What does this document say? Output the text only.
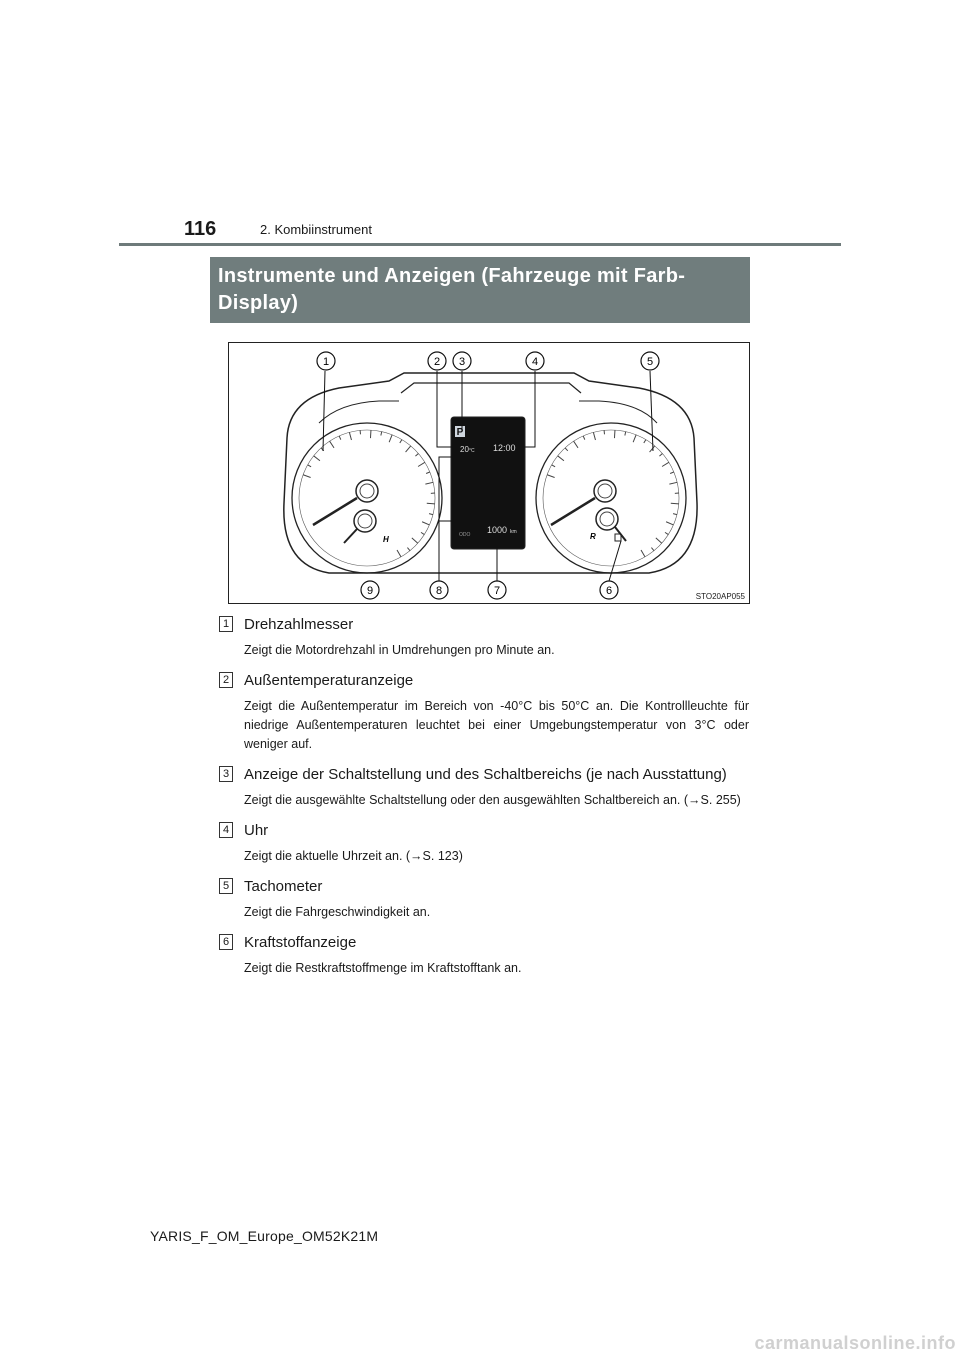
116	2. Kombiinstrument
Instrumente und Anzeigen (Fahrzeuge mit Farb-Display)
H	R
P
20 °C 12:00
ODO 1000 km
1	2 3	4	5
9	8	7	6	STO20AP055
1 Drehzahlmesser
Zeigt die Motordrehzahl in Umdrehungen pro Minute an.
2 Außentemperaturanzeige
Zeigt die Außentemperatur im Bereich von -40°C bis 50°C an. Die Kontrollleuchte für niedrige Außentemperaturen leuchtet bei einer Umgebungstemperatur von 3°C oder weniger auf.
3 Anzeige der Schaltstellung und des Schaltbereichs (je nach Ausstattung)
Zeigt die ausgewählte Schaltstellung oder den ausgewählten Schaltbereich an. (→S. 255)
4 Uhr
Zeigt die aktuelle Uhrzeit an. (→S. 123)
5 Tachometer
Zeigt die Fahrgeschwindigkeit an.
6 Kraftstoffanzeige
Zeigt die Restkraftstoffmenge im Kraftstofftank an.
YARIS_F_OM_Europe_OM52K21M
carmanualsonline.info
